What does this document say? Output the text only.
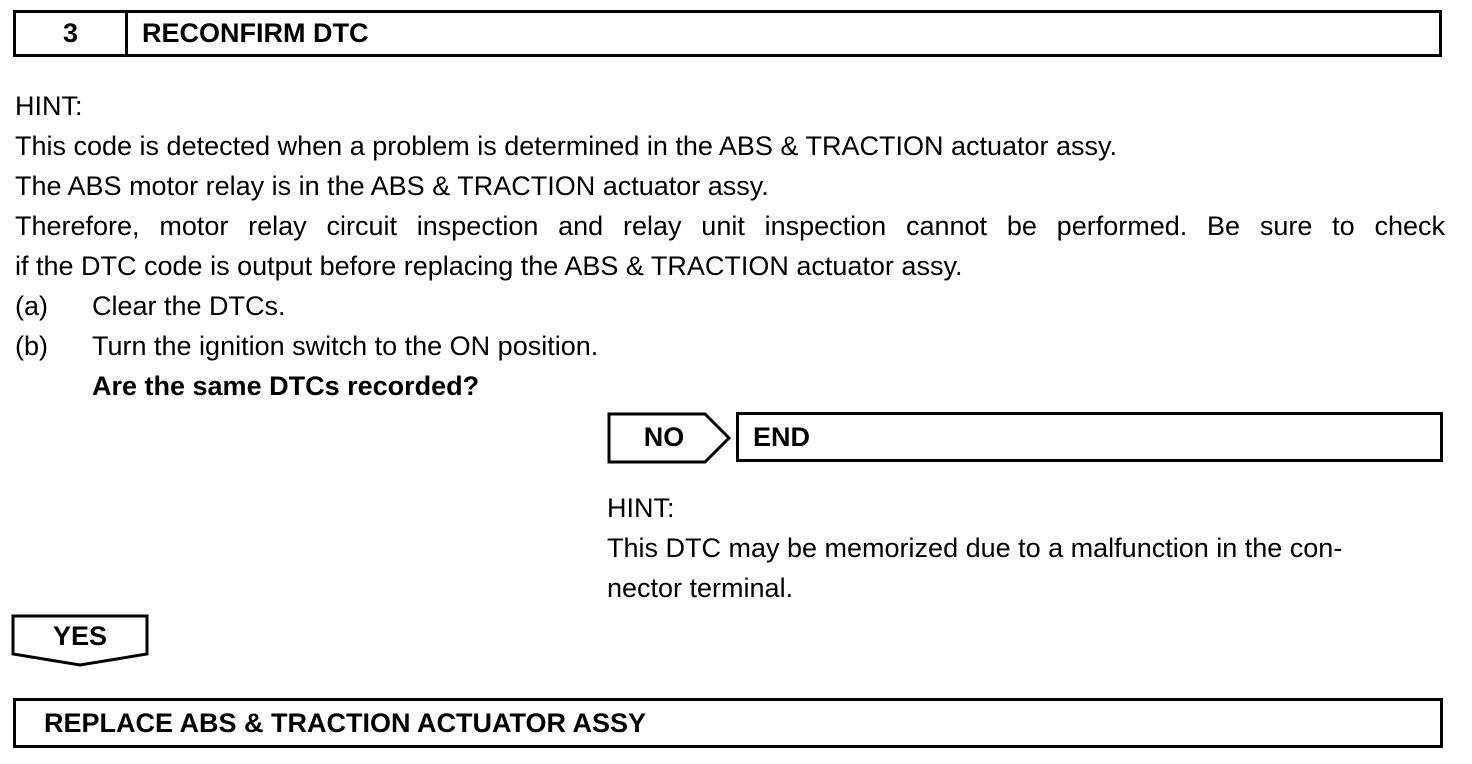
3	RECONFIRM DTC
HINT:
This code is detected when a problem is determined in the ABS & TRACTION actuator assy.
The ABS motor relay is in the ABS & TRACTION actuator assy.
Therefore, motor relay circuit inspection and relay unit inspection cannot be performed. Be sure to check
if the DTC code is output before replacing the ABS & TRACTION actuator assy.
(a) Clear the DTCs.
(b) Turn the ignition switch to the ON position.
Are the same DTCs recorded?
NO	END
HINT:
This DTC may be memorized due to a malfunction in the con-
nector terminal.
YES
REPLACE ABS & TRACTION ACTUATOR ASSY
